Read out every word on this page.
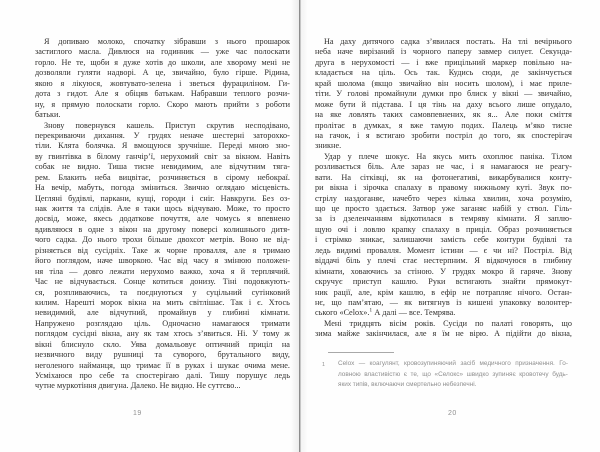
Я допиваю молоко, спочатку зібравши з нього прошарок
застиглого масла. Дивлюся на годинник — уже час полоскати
горло. Не те, щоби я дуже хотів до школи, але хворому мені не
дозволяли гуляти надворі. А це, звичайно, було гірше. Рідина,
якою я лікуюся, жовтувато-зелена і зветься фурациліном. Ги-
дота з гидот. Але я обіцяв батькам. Набравши теплого розчи-
ну, я прямую полоскати горло. Скоро мають прийти з роботи
батьки.
Знову повернувся кашель. Приступ скрутив несподівано,
перекриваючи дихання. У грудях неначе шестерні заторохко-
тіли. Клята болячка. Я вмощуюся зручніше. Переді мною зно-
ву гвинтівка в білому ганчір’ї, нерухомий світ за вікном. Навіть
собак не видно. Тиша тисне невидимим, але відчутним тяга-
рем. Блакить неба вицвітає, розчиняється в сірому небокраї.
На вечір, мабуть, погода зміниться. Звично оглядаю місцевість.
Цегляні будівлі, паркани, кущі, городи і сніг. Навкруги. Без оз-
нак життя та слідів. Але я таки щось відчуваю. Може, то просто
досвід, може, якесь додаткове почуття, але чомусь я впевнено
вдивляюся в одне з вікон на другому поверсі колишнього дитя-
чого садка. До нього трохи більше двохсот метрів. Воно не від-
різняється від сусідніх. Таке ж чорне провалля, але я тримаю
його поглядом, наче шворкою. Час від часу я змінюю положен-
ня тіла — довго лежати нерухомо важко, хоча я й терплячий.
Час не відчувається. Сонце котиться донизу. Тіні подовжують-
ся, розпливаючись, та поєднуються у суцільний сутінковий
килим. Нарешті морок вікна на мить світлішає. Так і є. Хтось
невидимий, але відчутний, промайнув у глибині кімнати.
Напружено розглядаю ціль. Одночасно намагаюся тримати
поглядом сусідні вікна, ану як там хтось з’явиться. Ні. У тому ж
вікні блиснуло скло. Уява домальовує оптичний приціл на
незвичного виду рушниці та суворого, брутального виду,
неголеного найманця, що тримає її в руках і шукає очима мене.
Усміхаюся про себе та спостерігаю далі. Тишу порушує ледь
чутне муркотіння двигуна. Далеко. Не видно. Не суттєво...
19
На даху дитячого садка з’явилася постать. На тлі вечірнього
неба наче вирізаний із чорного паперу завмер силует. Секунда-
друга в нерухомості — і вже прицільний маркер повільно на-
кладається на ціль. Ось так. Кудись сюди, де закінчується
край шолома (якщо звичайно він носить шолом), і має приле-
тіти. У голові промайнули думки про блиск у вікні — звичайно,
може бути й підстава. І ця тінь на даху всього лише опудало,
на яке ловлять таких самовпевнених, як я... Але поки сміття
пролітає в думках, я вже тамую подих. Палець м’яко тисне
на гачок, і я встигаю зробити постріл до того, як спостерігач
зникне.
Удар у плече шокує. На якусь мить охоплює паніка. Тілом
розливається біль. Але зараз не час, і я намагаюся не реагу-
вати. На сітківці, як на фотонегативі, викарбувалися конту-
ри вікна і зірочка спалаху в правому нижньому куті. Звук по-
стрілу наздоганяє, начебто через кілька хвилин, хоча розумію,
що це просто здається. Затвор уже заганяє набій у ствол. Гіль-
за із дзеленчанням відкотилася в темряву кімнати. Я заплю-
щую очі і ловлю крапку спалаху в приціл. Образ розчиняється
і стрімко зникає, залишаючи замість себе контури будівлі та
ледь видимі провалля. Момент істини — є чи ні? Постріл. Від
віддачі біль у плечі стає нестерпним. Я відкочуюся в глибину
кімнати, ховаючись за стіною. У грудях мокро й гаряче. Знову
скручує приступ кашлю. Руки встигають знайти прямокут-
ник рації, але, крім кашлю, в ефір не потрапляє нічого. Остан-
нє, що пам’ятаю, — як витягнув із кишені упаковку волонтер-
ського «Celox».$^1$ А далі — все. Темрява.
Мені тридцять вісім років. Сусіди по палаті говорять, що
зима майже закінчилася, але я їм не вірю. А підійти до вікна,
1 Celox — коагулянт, кровозупиняючий засіб медичного призначення. Го-
ловною властивістю є те, що «Селокс» швидко зупиняє кровотечу будь-
яких типів, включаючи смертельно небезпечні.
20
